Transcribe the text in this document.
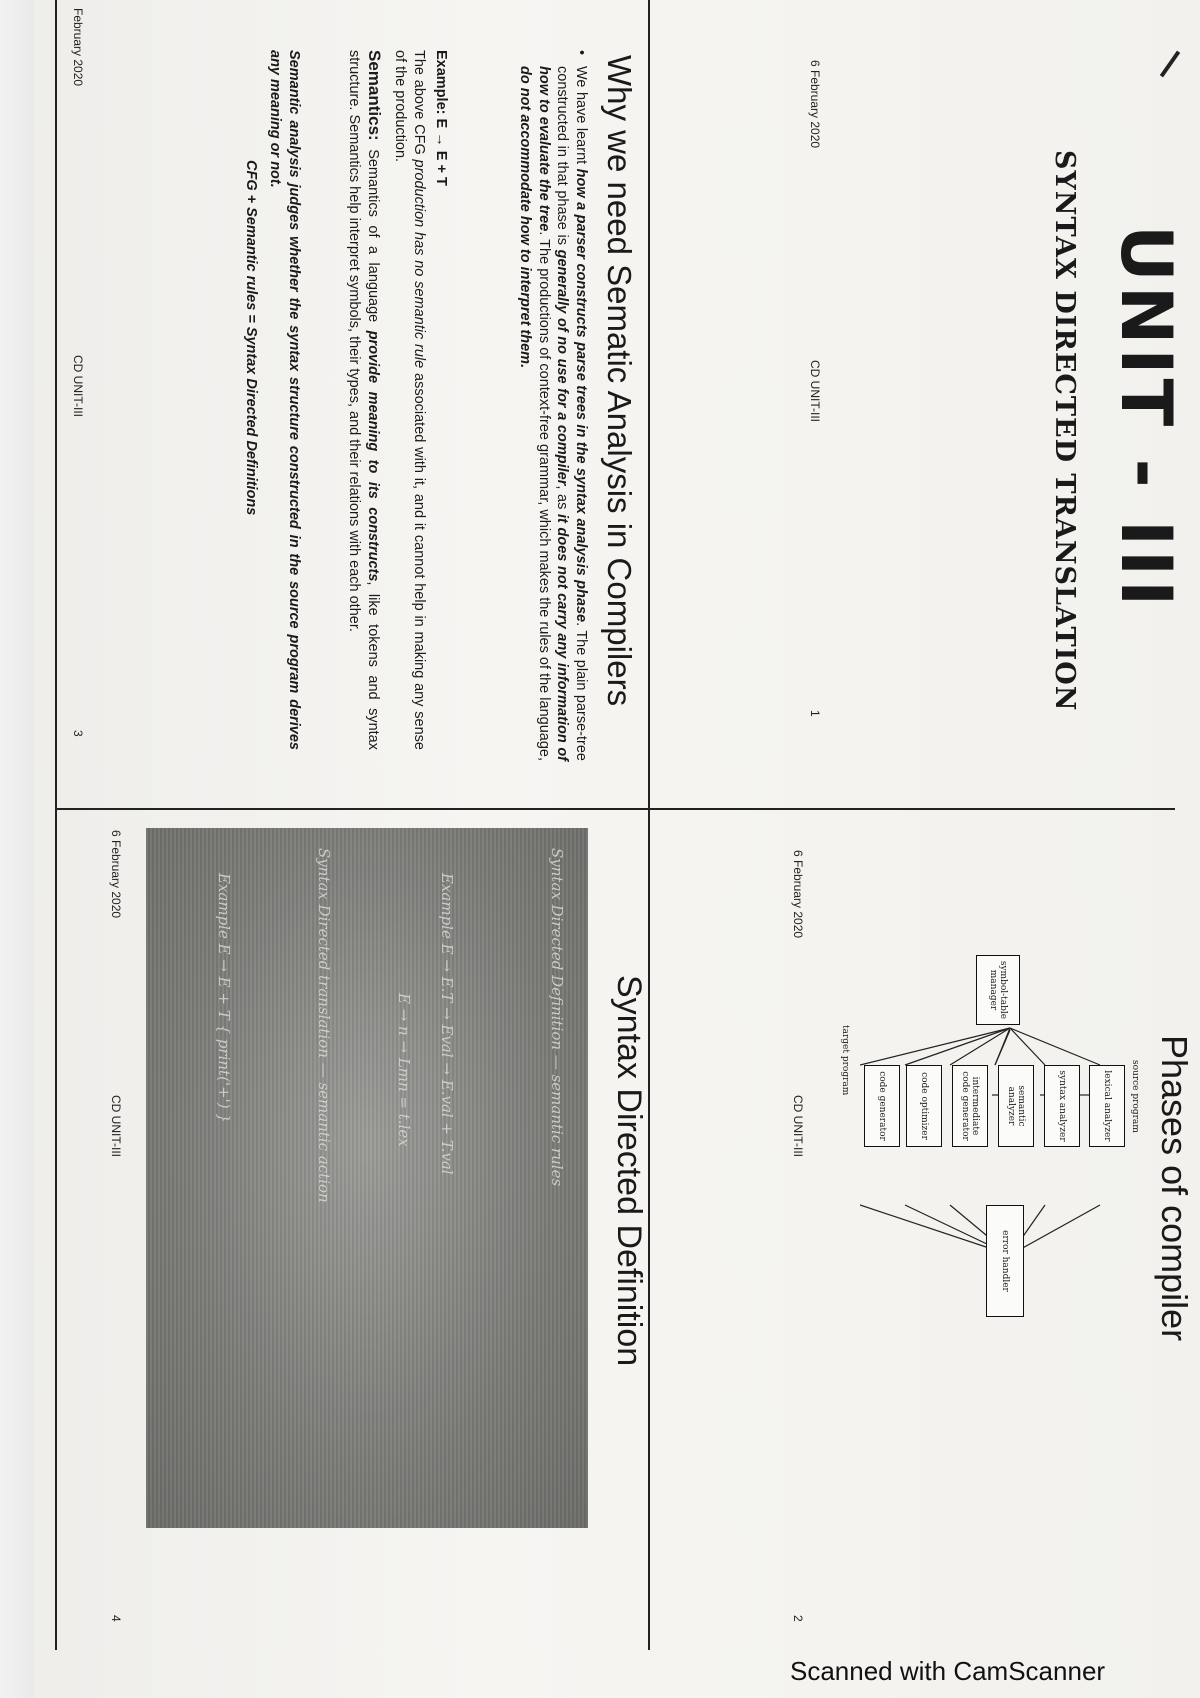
UNIT - III
SYNTAX DIRECTED TRANSLATION
6 February 2020
CD UNIT-III
1
Phases of compiler
source program
lexical analyzer
syntax analyzer
semantic analyzer
intermediate code generator
code optimizer
code generator
symbol-table manager
error handler
target program
6 February 2020
CD UNIT-III
2
Why we need Sematic Analysis in Compilers
•
We have learnt how a parser constructs parse trees in the syntax analysis phase. The plain parse-tree constructed in that phase is generally of no use for a compiler, as it does not carry any information of how to evaluate the tree. The productions of context-free grammar, which makes the rules of the language, do not accommodate how to interpret them.
Example: E → E + T
The above CFG production has no semantic rule associated with it, and it cannot help in making any sense of the production.
Semantics: Semantics of a language provide meaning to its constructs, like tokens and syntax structure. Semantics help interpret symbols, their types, and their relations with each other.
Semantic analysis judges whether the syntax structure constructed in the source program derives any meaning or not.
CFG + Semantic rules = Syntax Directed Definitions
February 2020
CD UNIT-III
3
Syntax Directed Definition
Syntax Directed Definition — semantic rules
Example E → E.T → Eval → E.val + T.val
E → n → Lmn = t.lex
Syntax Directed translation — semantic action
Example E → E + T { print('+') }
6 February 2020
CD UNIT-III
4
Scanned with CamScanner
